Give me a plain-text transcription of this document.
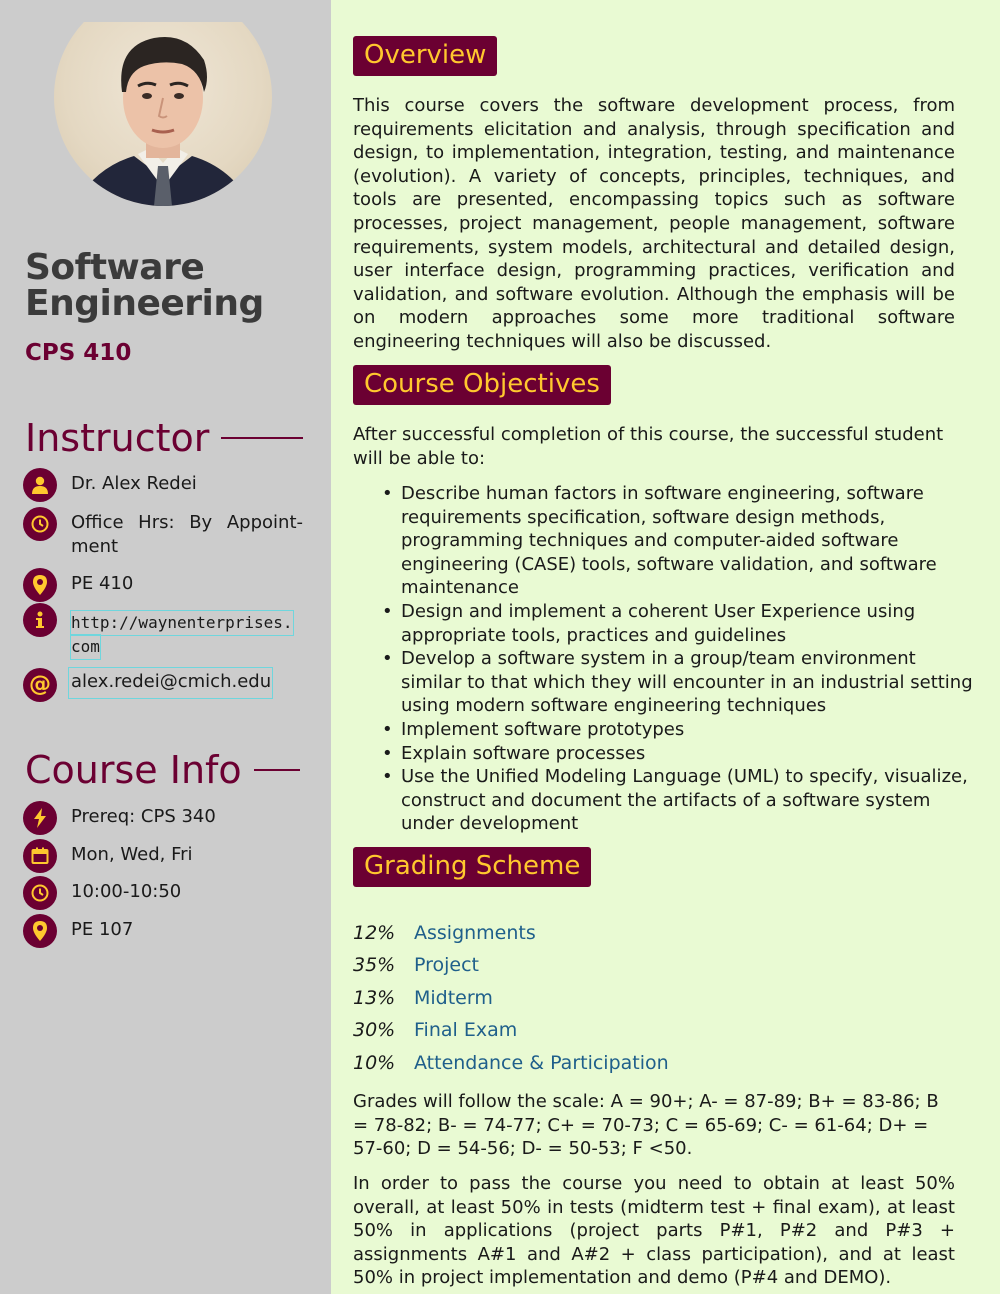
Software
Engineering
CPS 410
Instructor
Dr. Alex Redei
Office Hrs: By Appoint-ment
PE 410
http://waynenterprises.
com
@ alex.redei@cmich.edu
Course Info
Prereq: CPS 340
Mon, Wed, Fri
10:00-10:50
PE 107
Overview
This course covers the software development process, from requirements elicitation and analysis, through specification and design, to implementation, integration, testing, and maintenance (evolution). A variety of concepts, principles, techniques, and tools are presented, encompassing topics such as software processes, project management, people management, software requirements, system models, architectural and detailed design, user interface design, programming practices, verification and validation, and software evolution. Although the emphasis will be on modern approaches some more traditional software engineering techniques will also be discussed.
Course Objectives
After successful completion of this course, the successful student will be able to:
• Describe human factors in software engineering, software requirements specification, software design methods, programming techniques and computer-aided software engineering (CASE) tools, software validation, and software maintenance
• Design and implement a coherent User Experience using appropriate tools, practices and guidelines
• Develop a software system in a group/team environment similar to that which they will encounter in an industrial setting using modern software engineering techniques
• Implement software prototypes
• Explain software processes
• Use the Unified Modeling Language (UML) to specify, visualize, construct and document the artifacts of a software system under development
Grading Scheme
12% Assignments
35% Project
13% Midterm
30% Final Exam
10% Attendance & Participation
Grades will follow the scale: A = 90+; A- = 87-89; B+ = 83-86; B = 78-82; B- = 74-77; C+ = 70-73; C = 65-69; C- = 61-64; D+ = 57-60; D = 54-56; D- = 50-53; F <50.
In order to pass the course you need to obtain at least 50% overall, at least 50% in tests (midterm test + final exam), at least 50% in applications (project parts P#1, P#2 and P#3 + assignments A#1 and A#2 + class participation), and at least 50% in project implementation and demo (P#4 and DEMO).
